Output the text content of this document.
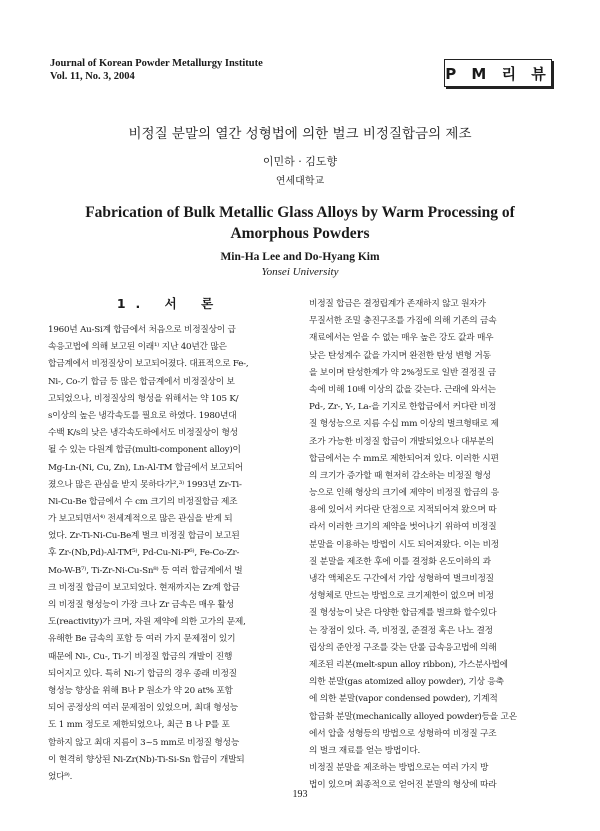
Journal of Korean Powder Metallurgy Institute
Vol. 11, No. 3, 2004	P M 리 뷰
비정질 분말의 열간 성형법에 의한 벌크 비정질합금의 제조
이민하 · 김도향
연세대학교
Fabrication of Bulk Metallic Glass Alloys by Warm Processing of
Amorphous Powders
Min-Ha Lee and Do-Hyang Kim
Yonsei University
1. 서 론
1960년 Au-Si계 합금에서 처음으로 비정질상이 급
속응고법에 의해 보고된 이래¹⁾ 지난 40년간 많은
합금계에서 비정질상이 보고되어졌다. 대표적으로 Fe-,
Ni-, Co-기 합금 등 많은 합금계에서 비정질상이 보
고되었으나, 비정질상의 형성을 위해서는 약 105 K/
s이상의 높은 냉각속도를 필요로 하였다. 1980년대
수백 K/s의 낮은 냉각속도하에서도 비정질상이 형성
될 수 있는 다원계 합금(multi-component alloy)이
Mg-Ln-(Ni, Cu, Zn), Ln-Al-TM 합금에서 보고되어
졌으나 많은 관심을 받지 못하다가²,³⁾ 1993년 Zr-Ti-
Ni-Cu-Be 합금에서 수 cm 크기의 비정질합금 제조
가 보고되면서⁴⁾ 전세계적으로 많은 관심을 받게 되
었다. Zr-Ti-Ni-Cu-Be계 벌크 비정질 합금이 보고된
후 Zr-(Nb,Pd)-Al-TM⁵⁾, Pd-Cu-Ni-P⁶⁾, Fe-Co-Zr-
Mo-W-B⁷⁾, Ti-Zr-Ni-Cu-Sn⁸⁾ 등 여러 합금계에서 벌
크 비정질 합금이 보고되었다. 현재까지는 Zr계 합금
의 비정질 형성능이 가장 크나 Zr 금속은 매우 활성
도(reactivity)가 크며, 자원 제약에 의한 고가의 문제,
유해한 Be 금속의 포함 등 여러 가지 문제점이 있기
때문에 Ni-, Cu-, Ti-기 비정질 합금의 개발이 진행
되어지고 있다. 특히 Ni-기 합금의 경우 종래 비정질
형성능 향상을 위해 B나 P 원소가 약 20 at% 포함
되어 공정상의 여러 문제점이 있었으며, 최대 형성능
도 1 mm 정도로 제한되었으나, 최근 B 나 P를 포
함하지 않고 최대 지름이 3~5 mm로 비정질 형성능
이 현격히 향상된 Ni-Zr(Nb)-Ti-Si-Sn 합금이 개발되
었다⁹⁾.
비정질 합금은 결정립계가 존재하지 않고 원자가
무질서한 조밀 충진구조를 가짐에 의해 기존의 금속
재료에서는 얻을 수 없는 매우 높은 강도 값과 매우
낮은 탄성계수 값을 가지며 완전한 탄성 변형 거동
을 보이며 탄성한계가 약 2%정도로 일반 결정질 금
속에 비해 10배 이상의 값을 갖는다. 근래에 와서는
Pd-, Zr-, Y-, La-을 기지로 한합금에서 커다란 비정
질 형성능으로 지름 수십 mm 이상의 벌크형태로 제
조가 가능한 비정질 합금이 개발되었으나 대부분의
합금에서는 수 mm로 제한되어져 있다. 이러한 시편
의 크기가 증가할 때 현저히 감소하는 비정질 형성
능으로 인해 형상의 크기에 제약이 비정질 합금의 응
용에 있어서 커다란 단점으로 지적되어져 왔으며 따
라서 이러한 크기의 제약을 벗어나기 위하여 비정질
분말을 이용하는 방법이 시도 되어져왔다. 이는 비정
질 분말을 제조한 후에 이를 결정화 온도이하의 과
냉각 액체온도 구간에서 가압 성형하여 벌크비정질
성형체로 만드는 방법으로 크기제한이 없으며 비정
질 형성능이 낮은 다양한 합금계를 벌크화 할수있다
는 장점이 있다. 즉, 비정질, 준결정 혹은 나노 결정
립상의 준안정 구조를 갖는 단롤 급속응고법에 의해
제조된 리본(melt-spun alloy ribbon), 가스분사법에
의한 분말(gas atomized alloy powder), 기상 응축
에 의한 분말(vapor condensed powder), 기계적
합금화 분말(mechanically alloyed powder)등을 고온
에서 압출 성형등의 방법으로 성형하여 비정질 구조
의 벌크 재료를 얻는 방법이다.
비정질 분말을 제조하는 방법으로는 여러 가지 방
법이 있으며 최종적으로 얻어진 분말의 형상에 따라
193
